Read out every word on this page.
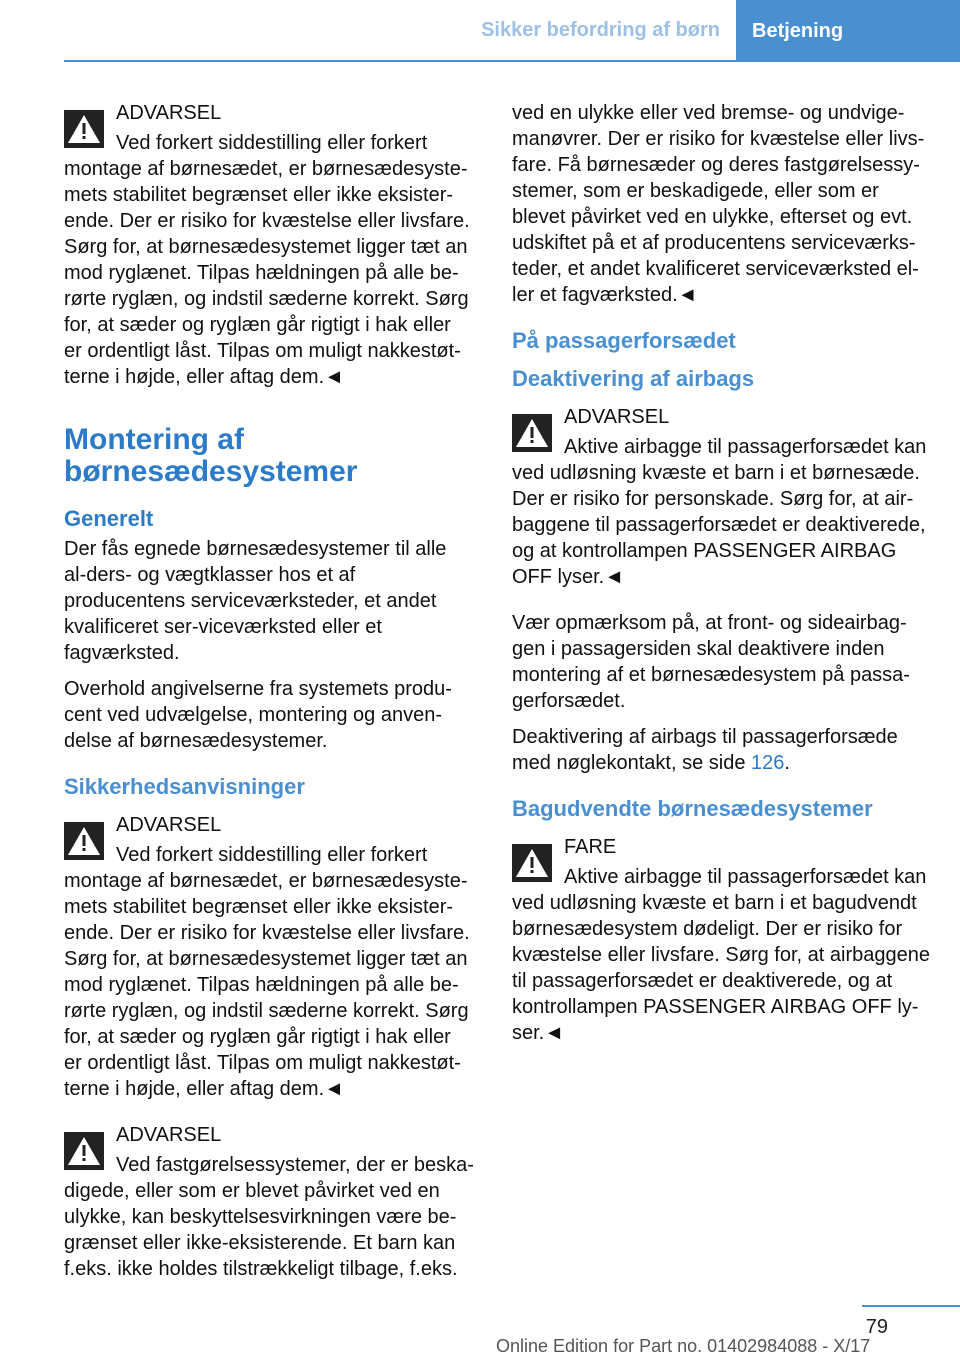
Sikker befordring af børn	Betjening
ADVARSEL
Ved forkert siddestilling eller forkert montage af børnesædet, er børnesædesyste-mets stabilitet begrænset eller ikke eksister-ende. Der er risiko for kvæstelse eller livsfare. Sørg for, at børnesædesystemet ligger tæt an mod ryglænet. Tilpas hældningen på alle be-rørte ryglæn, og indstil sæderne korrekt. Sørg for, at sæder og ryglæn går rigtigt i hak eller er ordentligt låst. Tilpas om muligt nakkestøt-terne i højde, eller aftag dem.◄
Montering af børnesædesystemer
Generelt

Der fås egnede børnesædesystemer til alle al-ders- og vægtklasser hos et af producentens serviceværksteder, et andet kvalificeret ser-viceværksted eller et fagværksted.

Overhold angivelserne fra systemets produ-cent ved udvælgelse, montering og anven-delse af børnesædesystemer.

Sikkerhedsanvisninger
ADVARSEL
Ved forkert siddestilling eller forkert montage af børnesædet, er børnesædesyste-mets stabilitet begrænset eller ikke eksister-ende. Der er risiko for kvæstelse eller livsfare. Sørg for, at børnesædesystemet ligger tæt an mod ryglænet. Tilpas hældningen på alle be-rørte ryglæn, og indstil sæderne korrekt. Sørg for, at sæder og ryglæn går rigtigt i hak eller er ordentligt låst. Tilpas om muligt nakkestøt-terne i højde, eller aftag dem.◄
ADVARSEL
Ved fastgørelsessystemer, der er beska-digede, eller som er blevet påvirket ved en ulykke, kan beskyttelsesvirkningen være be-grænset eller ikke-eksisterende. Et barn kan f.eks. ikke holdes tilstrækkeligt tilbage, f.eks.

ved en ulykke eller ved bremse- og undvige-manøvrer. Der er risiko for kvæstelse eller livs-fare. Få børnesæder og deres fastgørelsessy-stemer, som er beskadigede, eller som er blevet påvirket ved en ulykke, efterset og evt. udskiftet på et af producentens serviceværks-teder, et andet kvalificeret serviceværksted el-ler et fagværksted.◄

På passagerforsædet
Deaktivering af airbags
ADVARSEL
Aktive airbagge til passagerforsædet kan ved udløsning kvæste et barn i et børnesæde. Der er risiko for personskade. Sørg for, at air-baggene til passagerforsædet er deaktiverede, og at kontrollampen PASSENGER AIRBAG OFF lyser.◄

Vær opmærksom på, at front- og sideairbag-gen i passagersiden skal deaktivere inden montering af et børnesædesystem på passa-gerforsædet.

Deaktivering af airbags til passagerforsæde med nøglekontakt, se side 126.

Bagudvendte børnesædesystemer
FARE
Aktive airbagge til passagerforsædet kan ved udløsning kvæste et barn i et bagudvendt børnesædesystem dødeligt. Der er risiko for kvæstelse eller livsfare. Sørg for, at airbaggene til passagerforsædet er deaktiverede, og at kontrollampen PASSENGER AIRBAG OFF ly-ser.◄
79
Online Edition for Part no. 01402984088 - X/17
